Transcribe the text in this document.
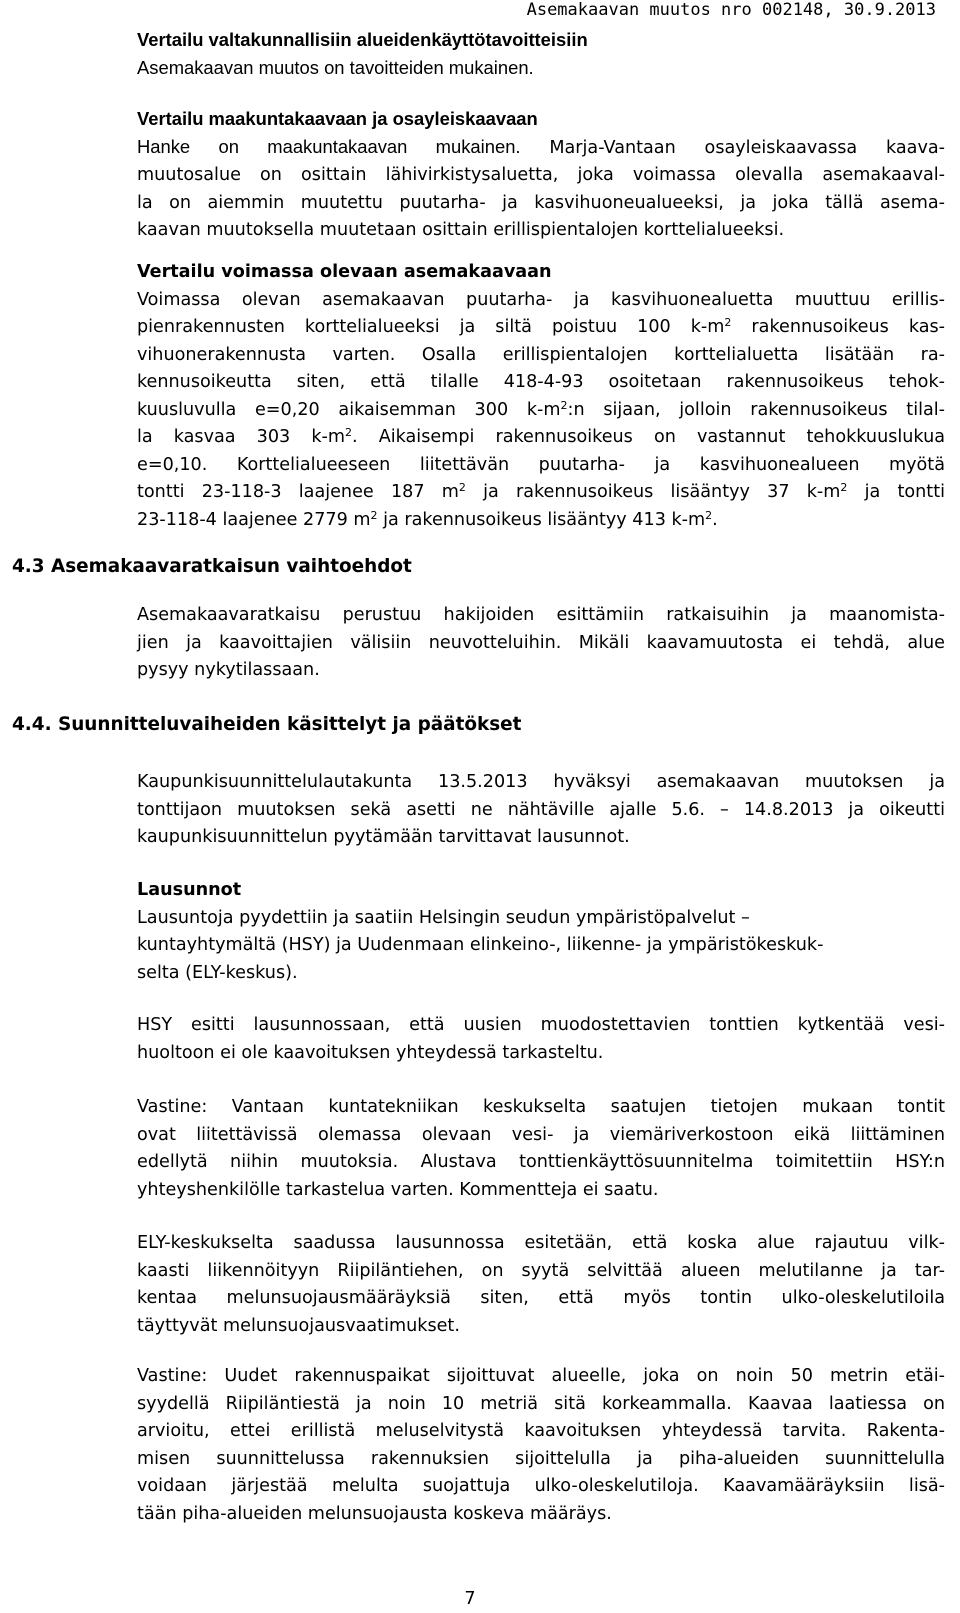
Asemakaavan muutos nro 002148, 30.9.2013
Vertailu valtakunnallisiin alueidenkäyttötavoitteisiin
Asemakaavan muutos on tavoitteiden mukainen.
Vertailu maakuntakaavaan ja osayleiskaavaan
Hanke on maakuntakaavan mukainen. Marja-Vantaan osayleiskaavassa kaava-
muutosalue on osittain lähivirkistysaluetta, joka voimassa olevalla asemakaaval-
la on aiemmin muutettu puutarha- ja kasvihuoneualueeksi, ja joka tällä asema-
kaavan muutoksella muutetaan osittain erillispientalojen korttelialueeksi.
Vertailu voimassa olevaan asemakaavaan
Voimassa olevan asemakaavan puutarha- ja kasvihuonealuetta muuttuu erillis-
pienrakennusten korttelialueeksi ja siltä poistuu 100 $k-m^2$ rakennusoikeus kas-
vihuonerakennusta varten. Osalla erillispientalojen korttelialuetta lisätään ra-
kennusoikeutta siten, että tilalle 418-4-93 osoitetaan rakennusoikeus tehok-
kuusluvulla e=0,20 aikaisemman 300 $k-m^2:n$ sijaan, jolloin rakennusoikeus tilal-
la kasvaa 303 $k-m^2$. Aikaisempi rakennusoikeus on vastannut tehokkuuslukua
e=0,10. Korttelialueeseen liitettävän puutarha- ja kasvihuonealueen myötä
tontti 23-118-3 laajenee 187 $m^2$ ja rakennusoikeus lisääntyy 37 $k-m^2$ ja tontti
23-118-4 laajenee 2779 $m^2$ ja rakennusoikeus lisääntyy 413 $k-m^2$.
4.3 Asemakaavaratkaisun vaihtoehdot
Asemakaavaratkaisu perustuu hakijoiden esittämiin ratkaisuihin ja maanomista-
jien ja kaavoittajien välisiin neuvotteluihin. Mikäli kaavamuutosta ei tehdä, alue
pysyy nykytilassaan.
4.4. Suunnitteluvaiheiden käsittelyt ja päätökset
Kaupunkisuunnittelulautakunta 13.5.2013 hyväksyi asemakaavan muutoksen ja
tonttijaon muutoksen sekä asetti ne nähtäville ajalle 5.6. – 14.8.2013 ja oikeutti
kaupunkisuunnittelun pyytämään tarvittavat lausunnot.
Lausunnot
Lausuntoja pyydettiin ja saatiin Helsingin seudun ympäristöpalvelut –
kuntayhtymältä (HSY) ja Uudenmaan elinkeino-, liikenne- ja ympäristökeskuk-
selta (ELY-keskus).
HSY esitti lausunnossaan, että uusien muodostettavien tonttien kytkentää vesi-
huoltoon ei ole kaavoituksen yhteydessä tarkasteltu.
Vastine: Vantaan kuntatekniikan keskukselta saatujen tietojen mukaan tontit
ovat liitettävissä olemassa olevaan vesi- ja viemäriverkostoon eikä liittäminen
edellytä niihin muutoksia. Alustava tonttienkäyttösuunnitelma toimitettiin HSY:n
yhteyshenkilölle tarkastelua varten. Kommentteja ei saatu.
ELY-keskukselta saadussa lausunnossa esitetään, että koska alue rajautuu vilk-
kaasti liikennöityyn Riipiläntiehen, on syytä selvittää alueen melutilanne ja tar-
kentaa melunsuojausmääräyksiä siten, että myös tontin ulko-oleskelutiloila
täyttyvät melunsuojausvaatimukset.
Vastine: Uudet rakennuspaikat sijoittuvat alueelle, joka on noin 50 metrin etäi-
syydellä Riipiläntiestä ja noin 10 metriä sitä korkeammalla. Kaavaa laatiessa on
arvioitu, ettei erillistä meluselvitystä kaavoituksen yhteydessä tarvita. Rakenta-
misen suunnittelussa rakennuksien sijoittelulla ja piha-alueiden suunnittelulla
voidaan järjestää melulta suojattuja ulko-oleskelutiloja. Kaavamääräyksiin lisä-
tään piha-alueiden melunsuojausta koskeva määräys.
7
